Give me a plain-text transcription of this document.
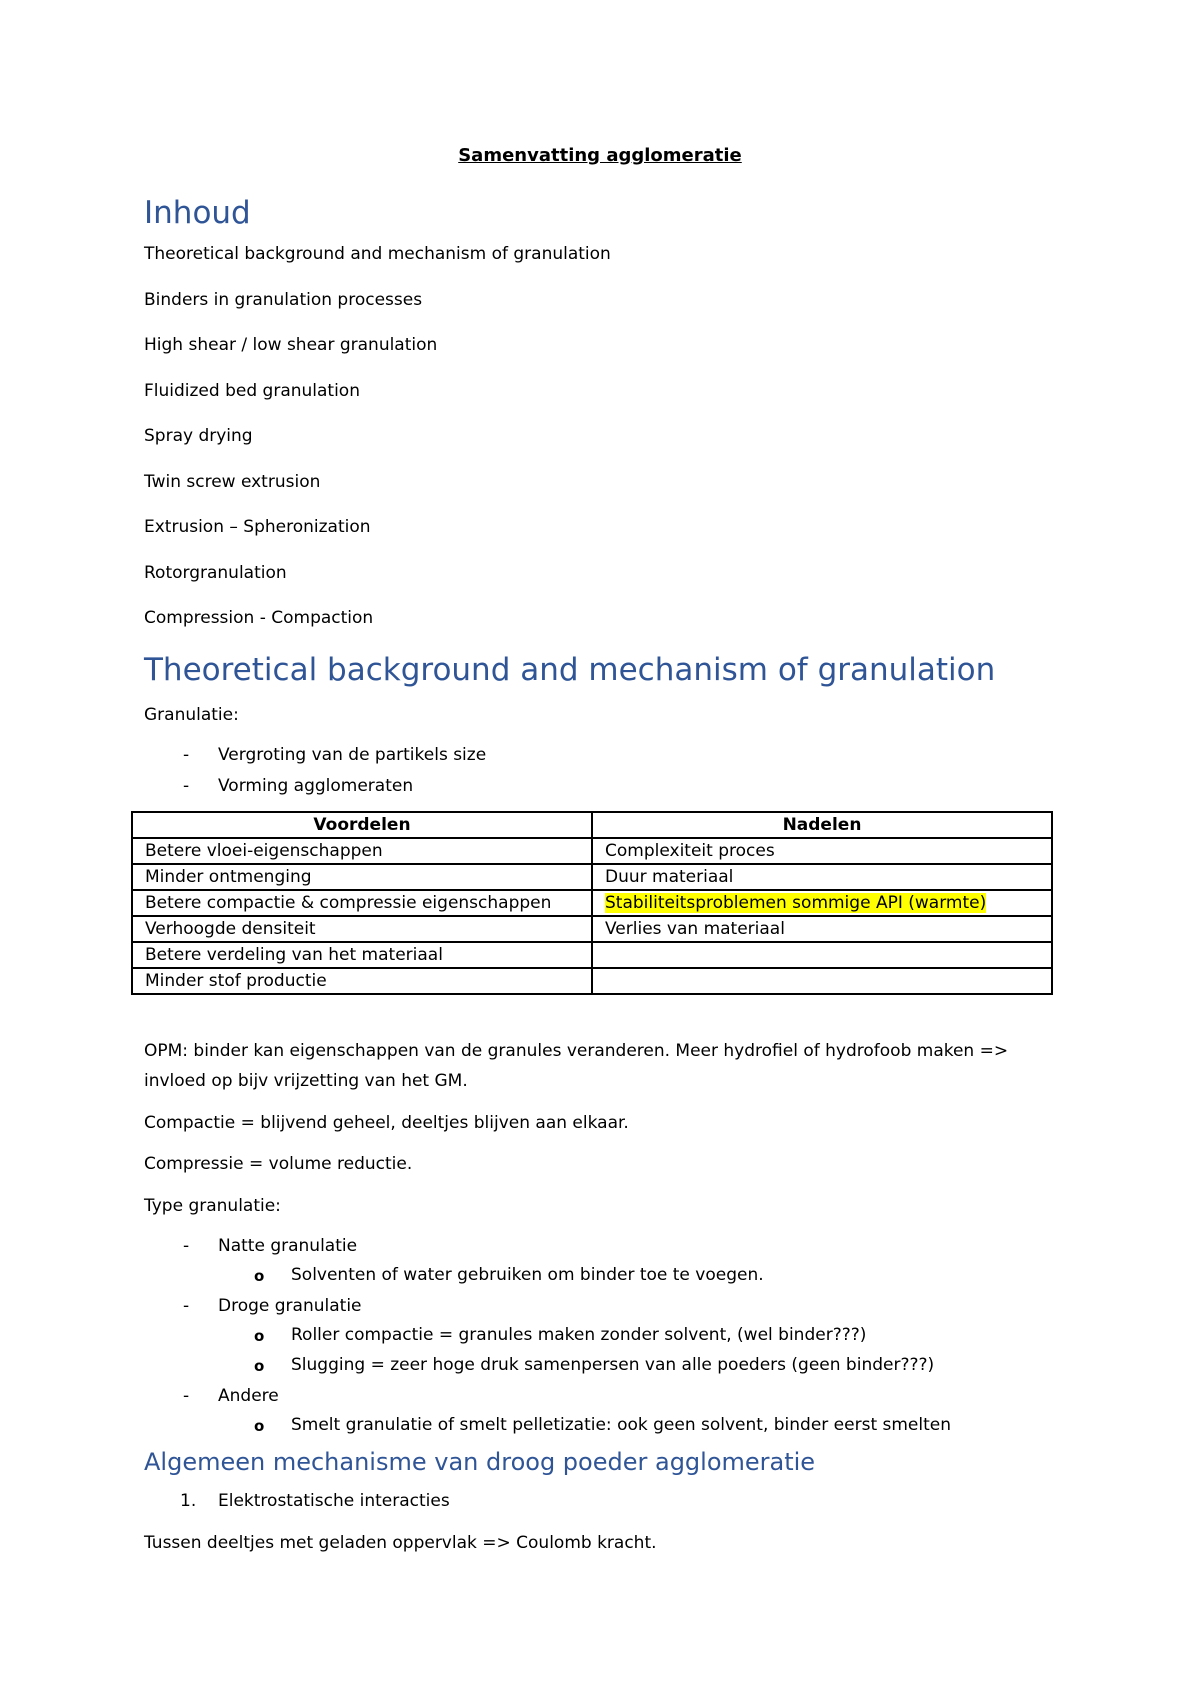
Samenvatting agglomeratie

Inhoud

Theoretical background and mechanism of granulation

Binders in granulation processes

High shear / low shear granulation

Fluidized bed granulation

Spray drying

Twin screw extrusion

Extrusion – Spheronization

Rotorgranulation

Compression - Compaction

Theoretical background and mechanism of granulation

Granulatie:

- Vergroting van de partikels size

- Vorming agglomeraten

Voordelen	Nadelen
Betere vloei-eigenschappen	Complexiteit proces
Minder ontmenging	Duur materiaal
Betere compactie & compressie eigenschappen	Stabiliteitsproblemen sommige API (warmte)
Verhoogde densiteit	Verlies van materiaal
Betere verdeling van het materiaal	
Minder stof productie	

OPM: binder kan eigenschappen van de granules veranderen. Meer hydrofiel of hydrofoob maken =>

invloed op bijv vrijzetting van het GM.

Compactie = blijvend geheel, deeltjes blijven aan elkaar.

Compressie = volume reductie.

Type granulatie:

- Natte granulatie

o Solventen of water gebruiken om binder toe te voegen.

- Droge granulatie

o Roller compactie = granules maken zonder solvent, (wel binder???)

o Slugging = zeer hoge druk samenpersen van alle poeders (geen binder???)

- Andere

o Smelt granulatie of smelt pelletizatie: ook geen solvent, binder eerst smelten

Algemeen mechanisme van droog poeder agglomeratie

1. Elektrostatische interacties

Tussen deeltjes met geladen oppervlak => Coulomb kracht.
